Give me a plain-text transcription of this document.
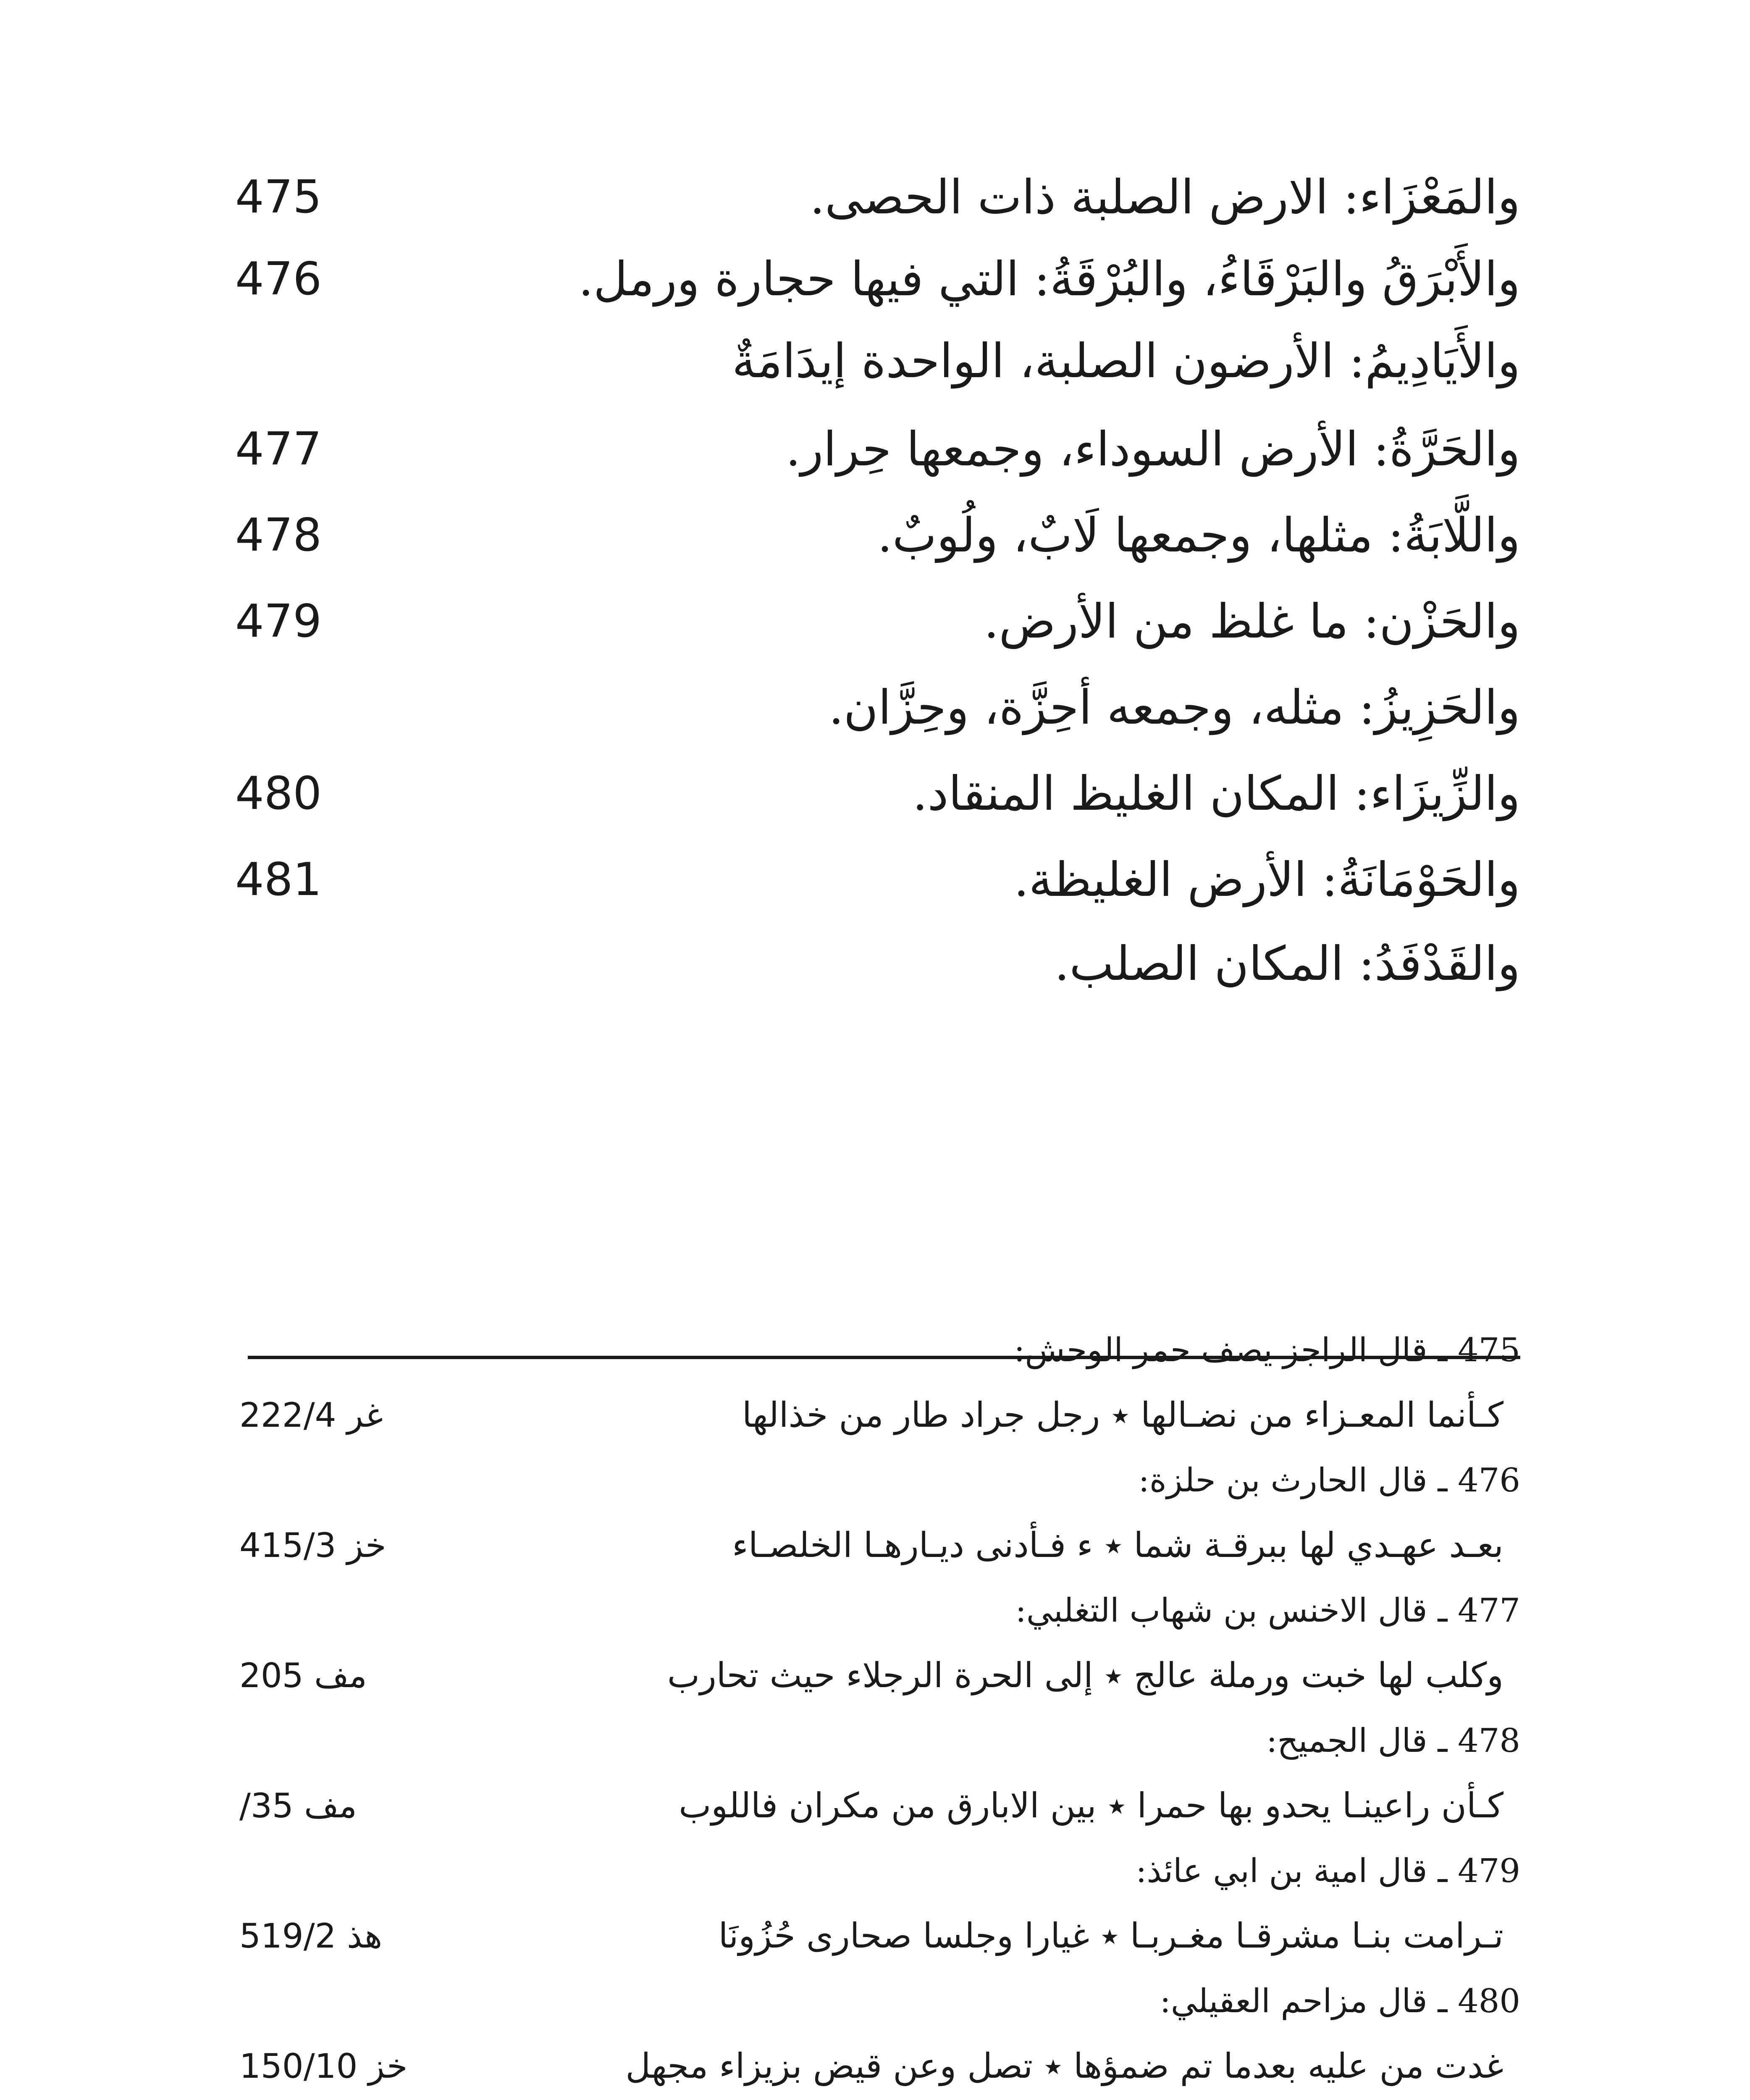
475	والمَعْزَاء: الارض الصلبة ذات الحصى.
476	والأَبْرَقُ والبَرْقَاءُ، والبُرْقَةُ: التي فيها حجارة ورمل.
والأَيَادِيمُ: الأرضون الصلبة، الواحدة إيدَامَةٌ
477	والحَرَّةُ: الأرض السوداء، وجمعها حِرار.
478	واللَّابَةُ: مثلها، وجمعها لَابٌ، ولُوبٌ.
479	والحَزْن: ما غلظ من الأرض.
والحَزِيزُ: مثله، وجمعه أحِزَّة، وحِزَّان.
480	والزِّيزَاء: المكان الغليظ المنقاد.
481	والحَوْمَانَةُ: الأرض الغليظة.
والقَدْفَدُ: المكان الصلب.
475 ـ قال الراجز يصف حمر الوحش:
غر 222/4	كـأنما المعـزاء من نضـالها ٭ رجل جراد طار من خذالها
476 ـ قال الحارث بن حلزة:
خز 415/3	بعـد عهـدي لها ببرقـة شما ٭ ء فـأدنى ديـارهـا الخلصـاء
477 ـ قال الاخنس بن شهاب التغلبي:
مف 205	وكلب لها خبت ورملة عالج ٭ إلى الحرة الرجلاء حيث تحارب
478 ـ قال الجميح:
مف 35/	كـأن راعينـا يحدو بها حمرا ٭ بين الابارق من مكران فاللوب
479 ـ قال امية بن ابي عائذ:
هذ 519/2	تـرامت بنـا مشرقـا مغـربـا ٭ غيارا وجلسا صحارى حُزُونَا
480 ـ قال مزاحم العقيلي:
خز 150/10	غدت من عليه بعدما تم ضمؤها ٭ تصل وعن قيض بزيزاء مجهل
